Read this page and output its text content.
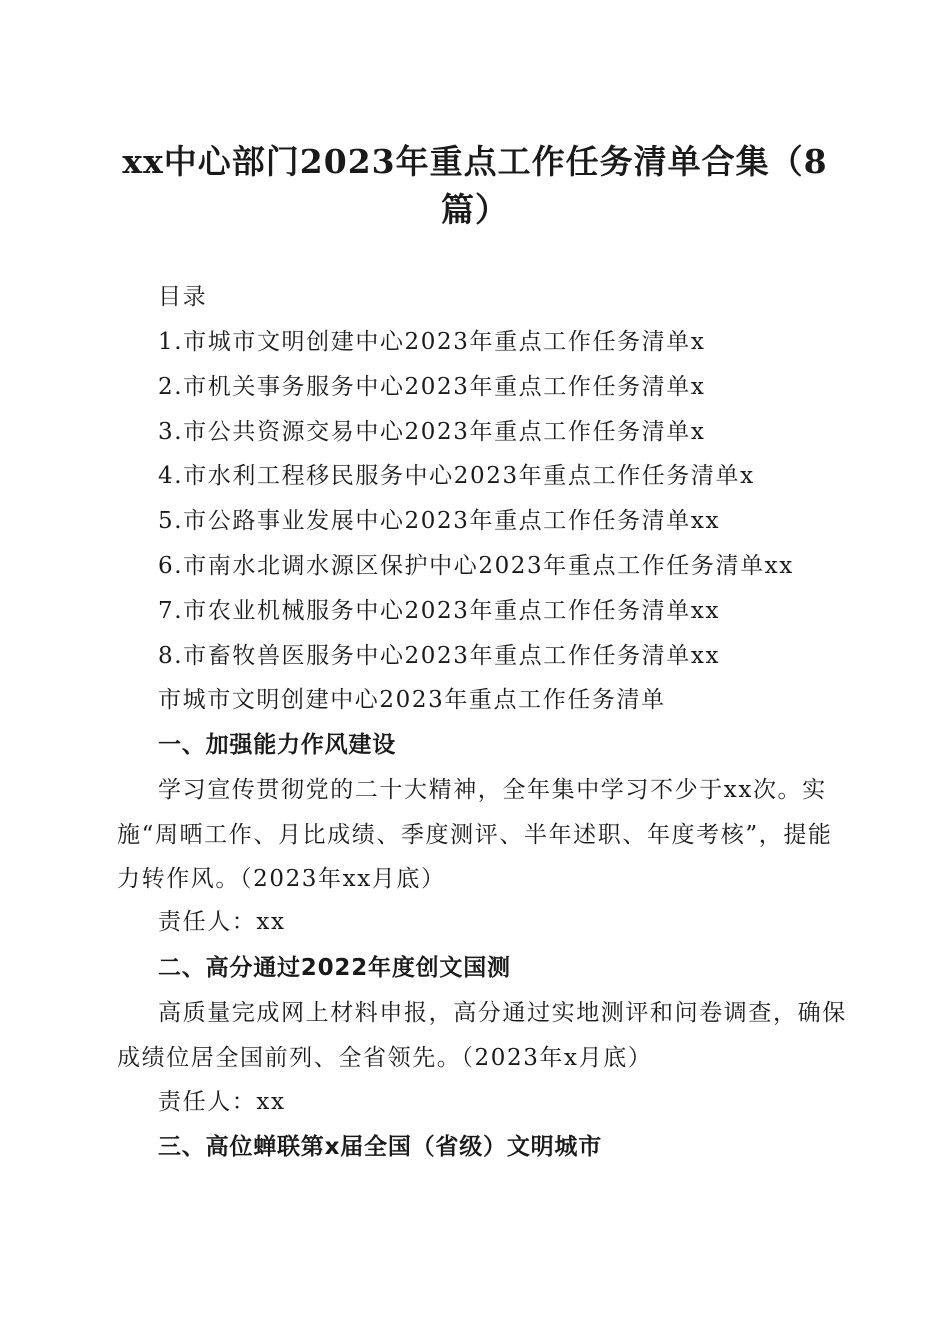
xx中心部门2023年重点工作任务清单合集（8篇）

目录

1.市城市文明创建中心2023年重点工作任务清单x
2.市机关事务服务中心2023年重点工作任务清单x
3.市公共资源交易中心2023年重点工作任务清单x
4.市水利工程移民服务中心2023年重点工作任务清单x
5.市公路事业发展中心2023年重点工作任务清单xx
6.市南水北调水源区保护中心2023年重点工作任务清单xx
7.市农业机械服务中心2023年重点工作任务清单xx
8.市畜牧兽医服务中心2023年重点工作任务清单xx

市城市文明创建中心2023年重点工作任务清单

一、加强能力作风建设

学习宣传贯彻党的二十大精神，全年集中学习不少于xx次。实施“周晒工作、月比成绩、季度测评、半年述职、年度考核”，提能力转作风。（2023年xx月底）

责任人：xx

二、高分通过2022年度创文国测

高质量完成网上材料申报，高分通过实地测评和问卷调查，确保成绩位居全国前列、全省领先。（2023年x月底）

责任人：xx

三、高位蝉联第x届全国（省级）文明城市
